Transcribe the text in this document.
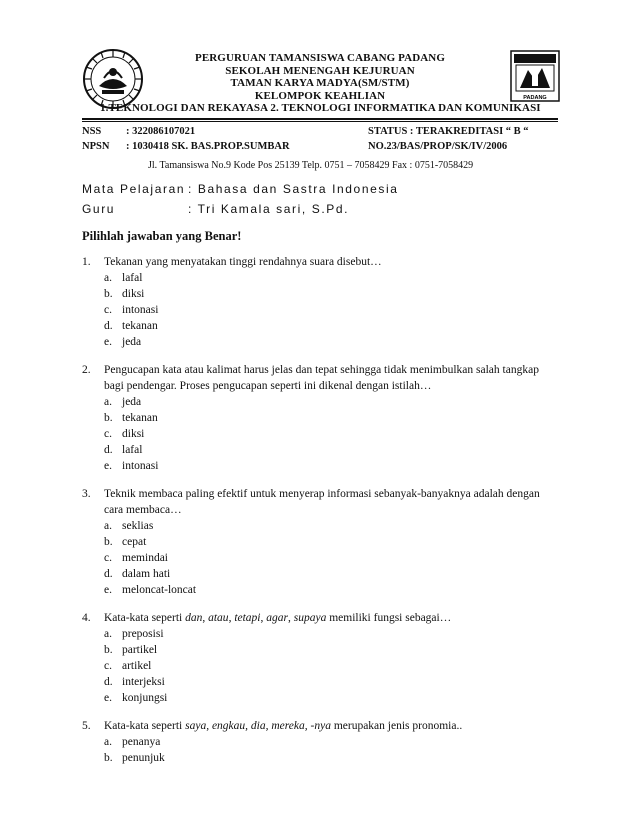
PERGURUAN TAMANSISWA CABANG PADANG
SEKOLAH MENENGAH KEJURUAN
TAMAN KARYA MADYA(SM/STM)
KELOMPOK KEAHLIAN
1.TEKNOLOGI DAN REKAYASA 2. TEKNOLOGI INFORMATIKA DAN KOMUNIKASI
PADANG
NSS : 322086107021	STATUS : TERAKREDITASI “ B “
NPSN : 1030418 SK. BAS.PROP.SUMBAR	NO.23/BAS/PROP/SK/IV/2006
Jl. Tamansiswa No.9 Kode Pos 25139 Telp. 0751 – 7058429 Fax : 0751-7058429
Mata Pelajaran : Bahasa dan Sastra Indonesia
Guru	: Tri Kamala sari, S.Pd.
Pilihlah jawaban yang Benar!
1. Tekanan yang menyatakan tinggi rendahnya suara disebut…
a. lafal
b. diksi
c. intonasi
d. tekanan
e. jeda
2. Pengucapan kata atau kalimat harus jelas dan tepat sehingga tidak menimbulkan salah tangkap
bagi pendengar. Proses pengucapan seperti ini dikenal dengan istilah…
a. jeda
b. tekanan
c. diksi
d. lafal
e. intonasi
3. Teknik membaca paling efektif untuk menyerap informasi sebanyak-banyaknya adalah dengan
cara membaca…
a. seklias
b. cepat
c. memindai
d. dalam hati
e. meloncat-loncat
4. Kata-kata seperti dan, atau, tetapi, agar, supaya memiliki fungsi sebagai…
a. preposisi
b. partikel
c. artikel
d. interjeksi
e. konjungsi
5. Kata-kata seperti saya, engkau, dia, mereka, -nya merupakan jenis pronomia..
a. penanya
b. penunjuk
